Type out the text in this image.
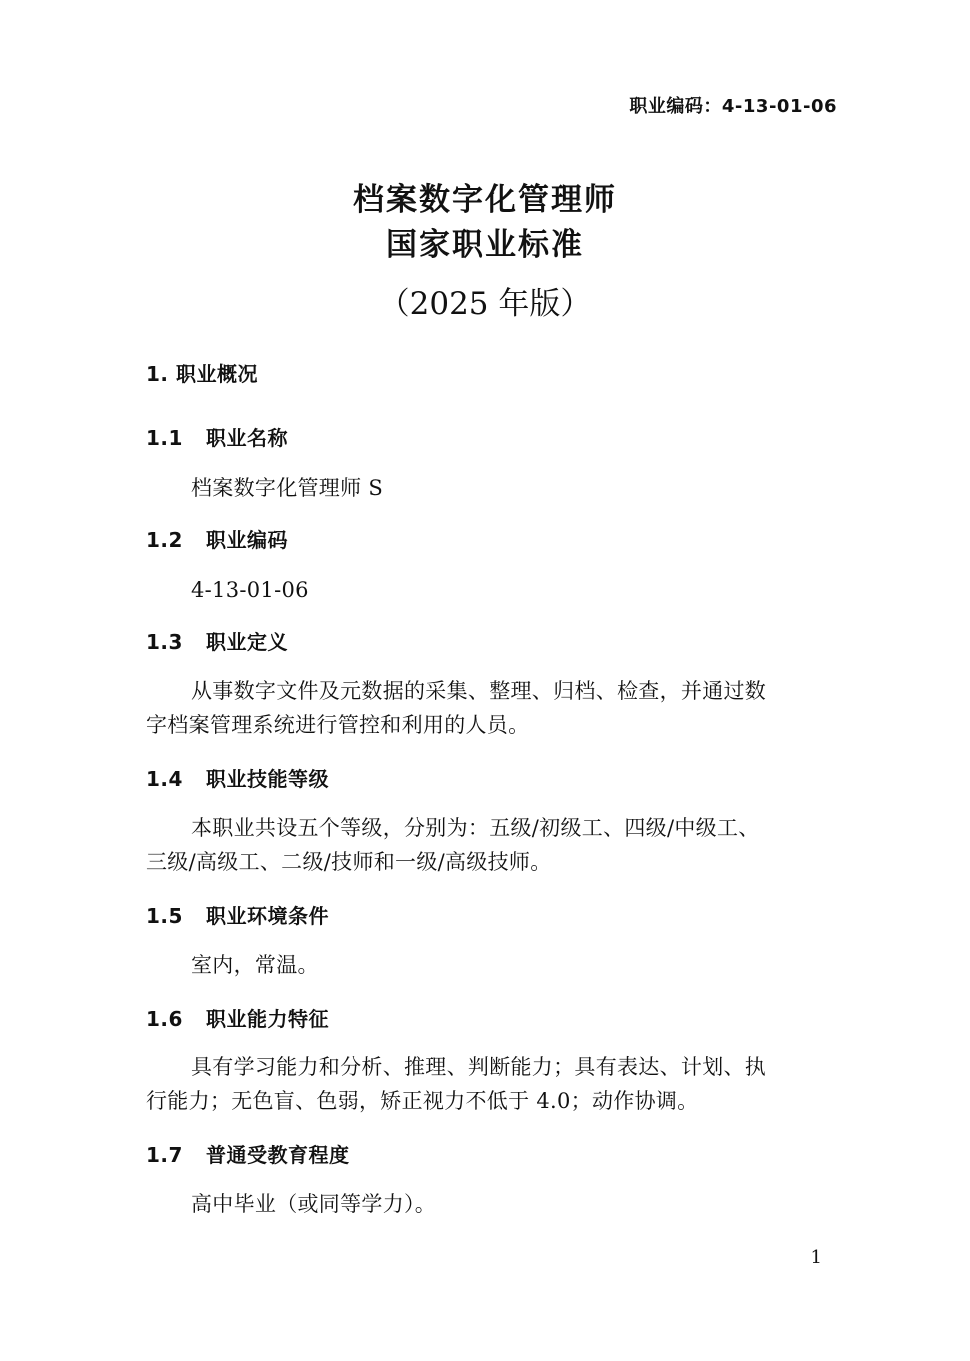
职业编码：4-13-01-06
档案数字化管理师
国家职业标准
（2025 年版）
1. 职业概况
1.1 职业名称
档案数字化管理师 S
1.2 职业编码
4-13-01-06
1.3 职业定义
从事数字文件及元数据的采集、整理、归档、检查，并通过数
字档案管理系统进行管控和利用的人员。
1.4 职业技能等级
本职业共设五个等级，分别为：五级/初级工、四级/中级工、
三级/高级工、二级/技师和一级/高级技师。
1.5 职业环境条件
室内，常温。
1.6 职业能力特征
具有学习能力和分析、推理、判断能力；具有表达、计划、执
行能力；无色盲、色弱，矫正视力不低于 4.0；动作协调。
1.7 普通受教育程度
高中毕业（或同等学力）。
1
